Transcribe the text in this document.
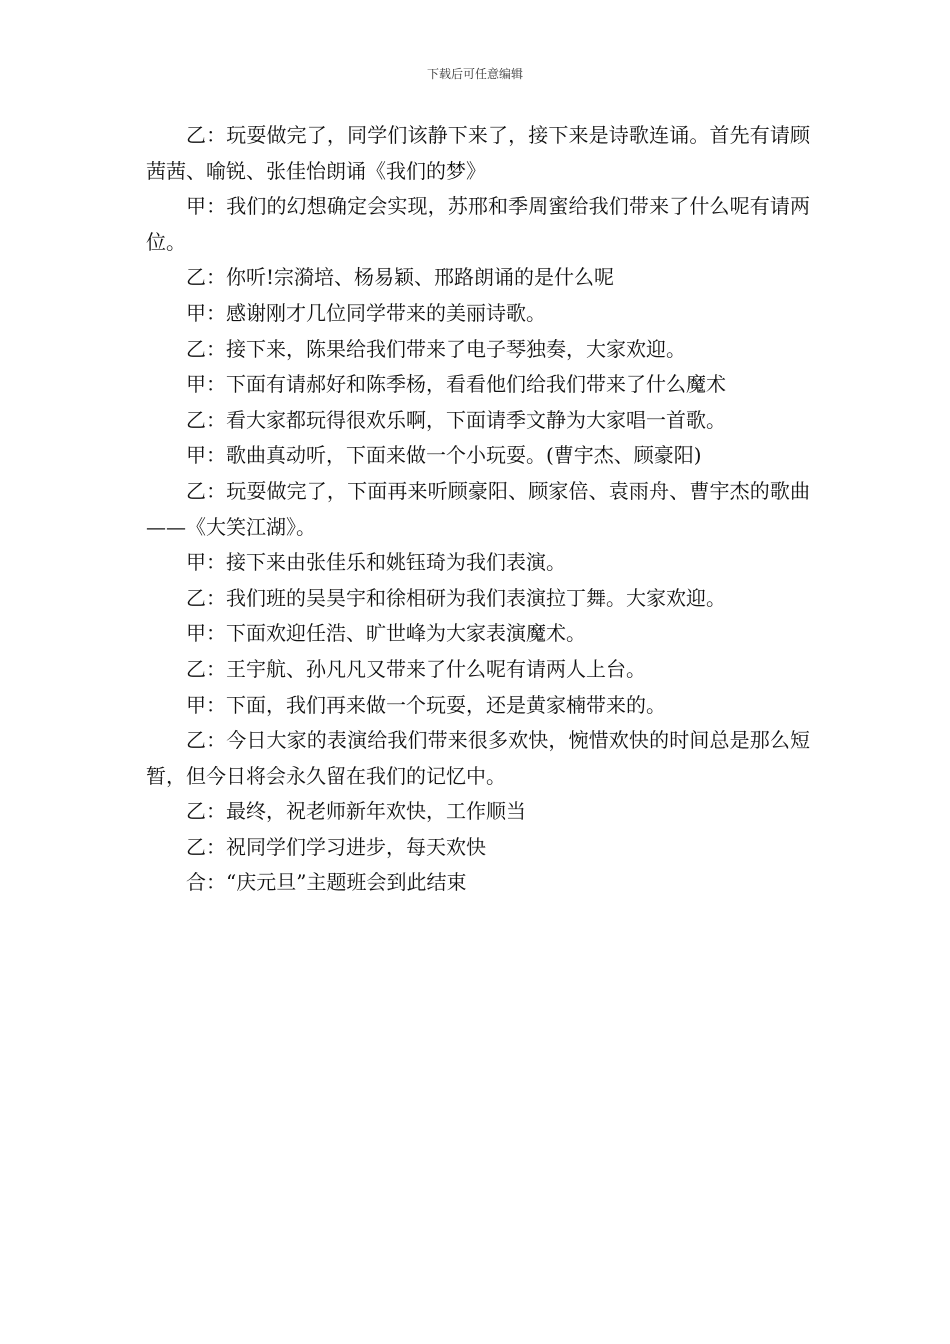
下载后可任意编辑

乙：玩耍做完了，同学们该静下来了，接下来是诗歌连诵。首先有请顾茜茜、喻锐、张佳怡朗诵《我们的梦》

甲：我们的幻想确定会实现，苏邢和季周蜜给我们带来了什么呢有请两位。

乙：你听!宗漪培、杨易颖、邢路朗诵的是什么呢

甲：感谢刚才几位同学带来的美丽诗歌。

乙：接下来，陈果给我们带来了电子琴独奏，大家欢迎。

甲：下面有请郝好和陈季杨，看看他们给我们带来了什么魔术

乙：看大家都玩得很欢乐啊，下面请季文静为大家唱一首歌。

甲：歌曲真动听，下面来做一个小玩耍。(曹宇杰、顾豪阳)

乙：玩耍做完了，下面再来听顾豪阳、顾家倍、袁雨舟、曹宇杰的歌曲——《大笑江湖》。

甲：接下来由张佳乐和姚钰琦为我们表演。

乙：我们班的吴昊宇和徐相研为我们表演拉丁舞。大家欢迎。

甲：下面欢迎任浩、旷世峰为大家表演魔术。

乙：王宇航、孙凡凡又带来了什么呢有请两人上台。

甲：下面，我们再来做一个玩耍，还是黄家楠带来的。

乙：今日大家的表演给我们带来很多欢快，惋惜欢快的时间总是那么短暂，但今日将会永久留在我们的记忆中。

乙：最终，祝老师新年欢快，工作顺当

乙：祝同学们学习进步，每天欢快

合：“庆元旦”主题班会到此结束
